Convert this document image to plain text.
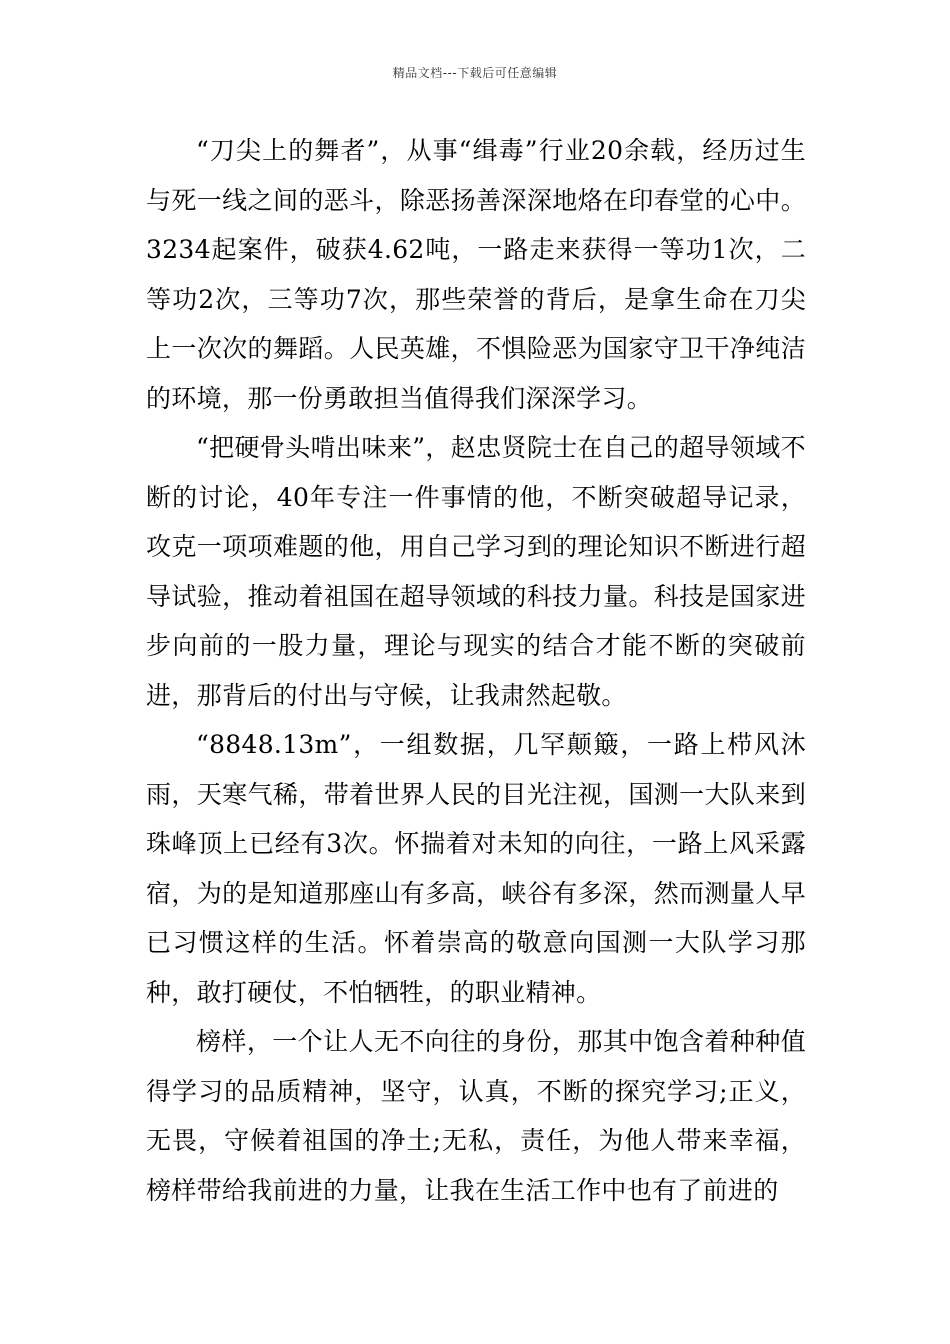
精品文档---下载后可任意编辑

“刀尖上的舞者”，从事“缉毒”行业20余载，经历过生与死一线之间的恶斗，除恶扬善深深地烙在印春堂的心中。3234起案件，破获4.62吨，一路走来获得一等功1次，二等功2次，三等功7次，那些荣誉的背后，是拿生命在刀尖上一次次的舞蹈。人民英雄，不惧险恶为国家守卫干净纯洁的环境，那一份勇敢担当值得我们深深学习。

“把硬骨头啃出味来”，赵忠贤院士在自己的超导领域不断的讨论，40年专注一件事情的他，不断突破超导记录，攻克一项项难题的他，用自己学习到的理论知识不断进行超导试验，推动着祖国在超导领域的科技力量。科技是国家进步向前的一股力量，理论与现实的结合才能不断的突破前进，那背后的付出与守候，让我肃然起敬。

“8848.13m”，一组数据，几罕颠簸，一路上栉风沐雨，天寒气稀，带着世界人民的目光注视，国测一大队来到珠峰顶上已经有3次。怀揣着对未知的向往，一路上风采露宿，为的是知道那座山有多高，峡谷有多深，然而测量人早已习惯这样的生活。怀着崇高的敬意向国测一大队学习那种，敢打硬仗，不怕牺牲，的职业精神。

榜样，一个让人无不向往的身份，那其中饱含着种种值得学习的品质精神，坚守，认真，不断的探究学习;正义，无畏，守候着祖国的净土;无私，责任，为他人带来幸福，榜样带给我前进的力量，让我在生活工作中也有了前进的
